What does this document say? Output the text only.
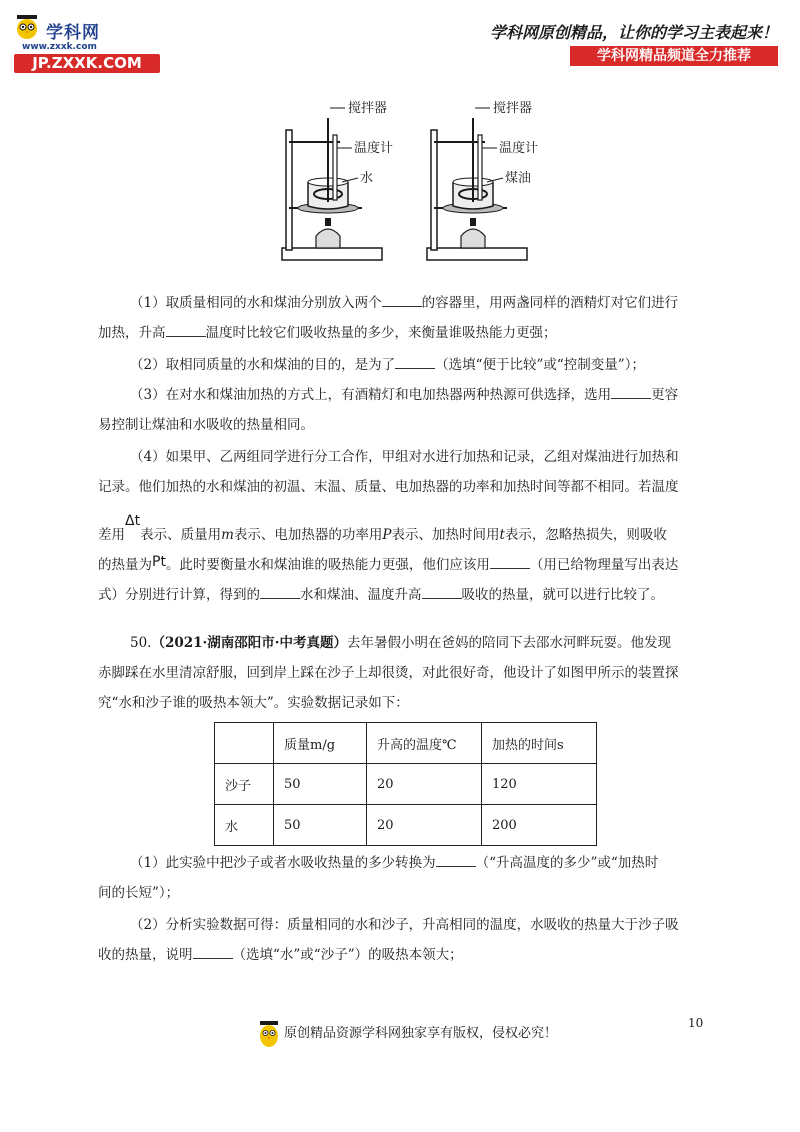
学科网
www.zxxk.com
JP.ZXXK.COM
学科网原创精品，让你的学习主表起来！
学科网精品频道全力推荐
搅拌器
温度计
水
搅拌器
温度计
煤油
（1）取质量相同的水和煤油分别放入两个	的容器里，用两盏同样的酒精灯对它们进行
加热，升高	温度时比较它们吸收热量的多少，来衡量谁吸热能力更强；
（2）取相同质量的水和煤油的目的，是为了	（选填“便于比较”或“控制变量”）；
（3）在对水和煤油加热的方式上，有酒精灯和电加热器两种热源可供选择，选用	更容
易控制让煤油和水吸收的热量相同。
（4）如果甲、乙两组同学进行分工合作，甲组对水进行加热和记录，乙组对煤油进行加热和
记录。他们加热的水和煤油的初温、末温、质量、电加热器的功率和加热时间等都不相同。若温度
差用Δt表示、质量用m表示、电加热器的功率用P表示、加热时间用t表示，忽略热损失，则吸收
的热量为Pt。此时要衡量水和煤油谁的吸热能力更强，他们应该用	（用已给物理量写出表达
式）分别进行计算，得到的	水和煤油、温度升高	吸收的热量，就可以进行比较了。
50.（2021·湖南邵阳市·中考真题）去年暑假小明在爸妈的陪同下去邵水河畔玩耍。他发现
赤脚踩在水里清凉舒服，回到岸上踩在沙子上却很烫，对此很好奇，他设计了如图甲所示的装置探
究“水和沙子谁的吸热本领大”。实验数据记录如下：
	质量m/g	升高的温度℃	加热的时间s
沙子	50	20	120
水	50	20	200
（1）此实验中把沙子或者水吸收热量的多少转换为	（“升高温度的多少”或“加热时
间的长短”）；
（2）分析实验数据可得：质量相同的水和沙子，升高相同的温度，水吸收的热量大于沙子吸
收的热量，说明	（选填“水”或“沙子”）的吸热本领大；
10
原创精品资源学科网独家享有版权，侵权必究！
